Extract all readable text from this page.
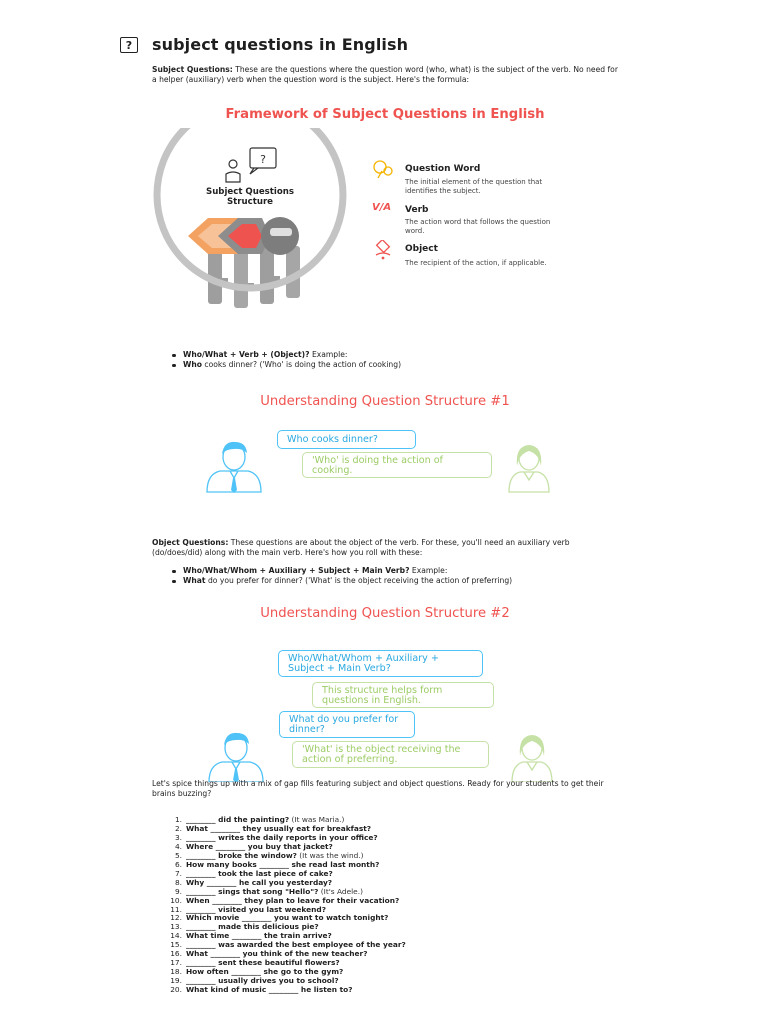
?	subject questions in English
Subject Questions: These are the questions where the question word (who, what) is the subject of the verb. No need for a helper (auxiliary) verb when the question word is the subject. Here's the formula:
Framework of Subject Questions in English
?
Subject Questions
Structure
Question Word
The initial element of the question that
identifies the subject.
V/A Verb
The action word that follows the question
word.
Object
The recipient of the action, if applicable.
Who/What + Verb + (Object)? Example:
Who cooks dinner? ('Who' is doing the action of cooking)
Understanding Question Structure #1
Who cooks dinner?
'Who' is doing the action of cooking.
Object Questions: These questions are about the object of the verb. For these, you'll need an auxiliary verb (do/does/did) along with the main verb. Here's how you roll with these:
Who/What/Whom + Auxiliary + Subject + Main Verb? Example:
What do you prefer for dinner? ('What' is the object receiving the action of preferring)
Understanding Question Structure #2
Who/What/Whom + Auxiliary + Subject + Main Verb?
This structure helps form questions in English.
What do you prefer for dinner?
'What' is the object receiving the action of preferring.
Let's spice things up with a mix of gap fills featuring subject and object questions. Ready for your students to get their brains buzzing?
1. ________ did the painting? (It was Maria.)
2. What ________ they usually eat for breakfast?
3. ________ writes the daily reports in your office?
4. Where ________ you buy that jacket?
5. ________ broke the window? (It was the wind.)
6. How many books ________ she read last month?
7. ________ took the last piece of cake?
8. Why ________ he call you yesterday?
9. ________ sings that song "Hello"? (It's Adele.)
10. When ________ they plan to leave for their vacation?
11. ________ visited you last weekend?
12. Which movie ________ you want to watch tonight?
13. ________ made this delicious pie?
14. What time ________ the train arrive?
15. ________ was awarded the best employee of the year?
16. What ________ you think of the new teacher?
17. ________ sent these beautiful flowers?
18. How often ________ she go to the gym?
19. ________ usually drives you to school?
20. What kind of music ________ he listen to?
